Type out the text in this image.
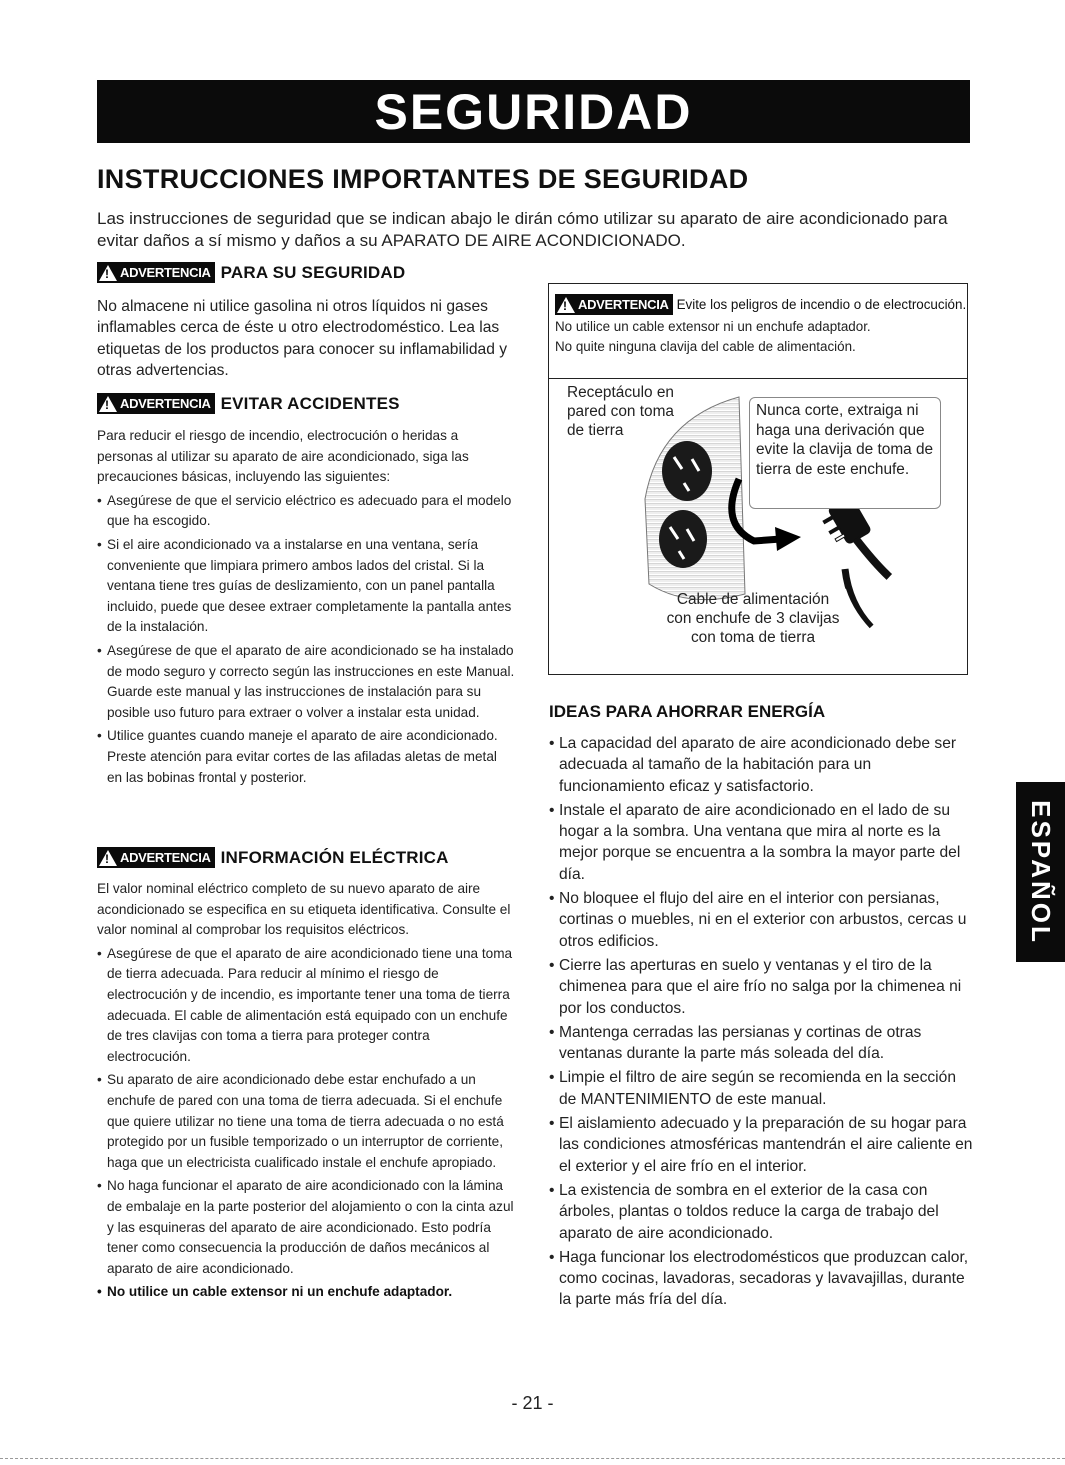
SEGURIDAD
INSTRUCCIONES IMPORTANTES DE SEGURIDAD
Las instrucciones de seguridad que se indican abajo le dirán cómo utilizar su aparato de aire acondicionado para evitar daños a sí mismo y daños a su APARATO DE AIRE ACONDICIONADO.
!
ADVERTENCIA PARA SU SEGURIDAD
No almacene ni utilice gasolina ni otros líquidos ni gases inflamables cerca de éste u otro electrodoméstico. Lea las etiquetas de los productos para conocer su inflamabilidad y otras advertencias.
!
ADVERTENCIA EVITAR ACCIDENTES
Para reducir el riesgo de incendio, electrocución o heridas a personas al utilizar su aparato de aire acondicionado, siga las precauciones básicas, incluyendo las siguientes:
• Asegúrese de que el servicio eléctrico es adecuado para el modelo que ha escogido.
• Si el aire acondicionado va a instalarse en una ventana, sería conveniente que limpiara primero ambos lados del cristal. Si la ventana tiene tres guías de deslizamiento, con un panel pantalla incluido, puede que desee extraer completamente la pantalla antes de la instalación.
• Asegúrese de que el aparato de aire acondicionado se ha instalado de modo seguro y correcto según las instrucciones en este Manual. Guarde este manual y las instrucciones de instalación para su posible uso futuro para extraer o volver a instalar esta unidad.
• Utilice guantes cuando maneje el aparato de aire acondicionado. Preste atención para evitar cortes de las afiladas aletas de metal en las bobinas frontal y posterior.
!
ADVERTENCIA INFORMACIÓN ELÉCTRICA
El valor nominal eléctrico completo de su nuevo aparato de aire acondicionado se especifica en su etiqueta identificativa. Consulte el valor nominal al comprobar los requisitos eléctricos.
• Asegúrese de que el aparato de aire acondicionado tiene una toma de tierra adecuada. Para reducir al mínimo el riesgo de electrocución y de incendio, es importante tener una toma de tierra adecuada. El cable de alimentación está equipado con un enchufe de tres clavijas con toma a tierra para proteger contra electrocución.
• Su aparato de aire acondicionado debe estar enchufado a un enchufe de pared con una toma de tierra adecuada. Si el enchufe que quiere utilizar no tiene una toma de tierra adecuada o no está protegido por un fusible temporizado o un interruptor de corriente, haga que un electricista cualificado instale el enchufe apropiado.
• No haga funcionar el aparato de aire acondicionado con la lámina de embalaje en la parte posterior del alojamiento o con la cinta azul y las esquineras del aparato de aire acondicionado. Esto podría tener como consecuencia la producción de daños mecánicos al aparato de aire acondicionado.
• No utilice un cable extensor ni un enchufe adaptador.
!
ADVERTENCIA Evite los peligros de incendio o de electrocución.
No utilice un cable extensor ni un enchufe adaptador.
No quite ninguna clavija del cable de alimentación.
Receptáculo en
pared con toma
de tierra
Nunca corte, extraiga ni haga una derivación que evite la clavija de toma de tierra de este enchufe.
Cable de alimentación
con enchufe de 3 clavijas
con toma de tierra
IDEAS PARA AHORRAR ENERGÍA
• La capacidad del aparato de aire acondicionado debe ser adecuada al tamaño de la habitación para un funcionamiento eficaz y satisfactorio.
• Instale el aparato de aire acondicionado en el lado de su hogar a la sombra. Una ventana que mira al norte es la mejor porque se encuentra a la sombra la mayor parte del día.
• No bloquee el flujo del aire en el interior con persianas, cortinas o muebles, ni en el exterior con arbustos, cercas u otros edificios.
• Cierre las aperturas en suelo y ventanas y el tiro de la chimenea para que el aire frío no salga por la chimenea ni por los conductos.
• Mantenga cerradas las persianas y cortinas de otras ventanas durante la parte más soleada del día.
• Limpie el filtro de aire según se recomienda en la sección de MANTENIMIENTO de este manual.
• El aislamiento adecuado y la preparación de su hogar para las condiciones atmosféricas mantendrán el aire caliente en el exterior y el aire frío en el interior.
• La existencia de sombra en el exterior de la casa con árboles, plantas o toldos reduce la carga de trabajo del aparato de aire acondicionado.
• Haga funcionar los electrodomésticos que produzcan calor, como cocinas, lavadoras, secadoras y lavavajillas, durante la parte más fría del día.
ESPAÑOL
- 21 -
